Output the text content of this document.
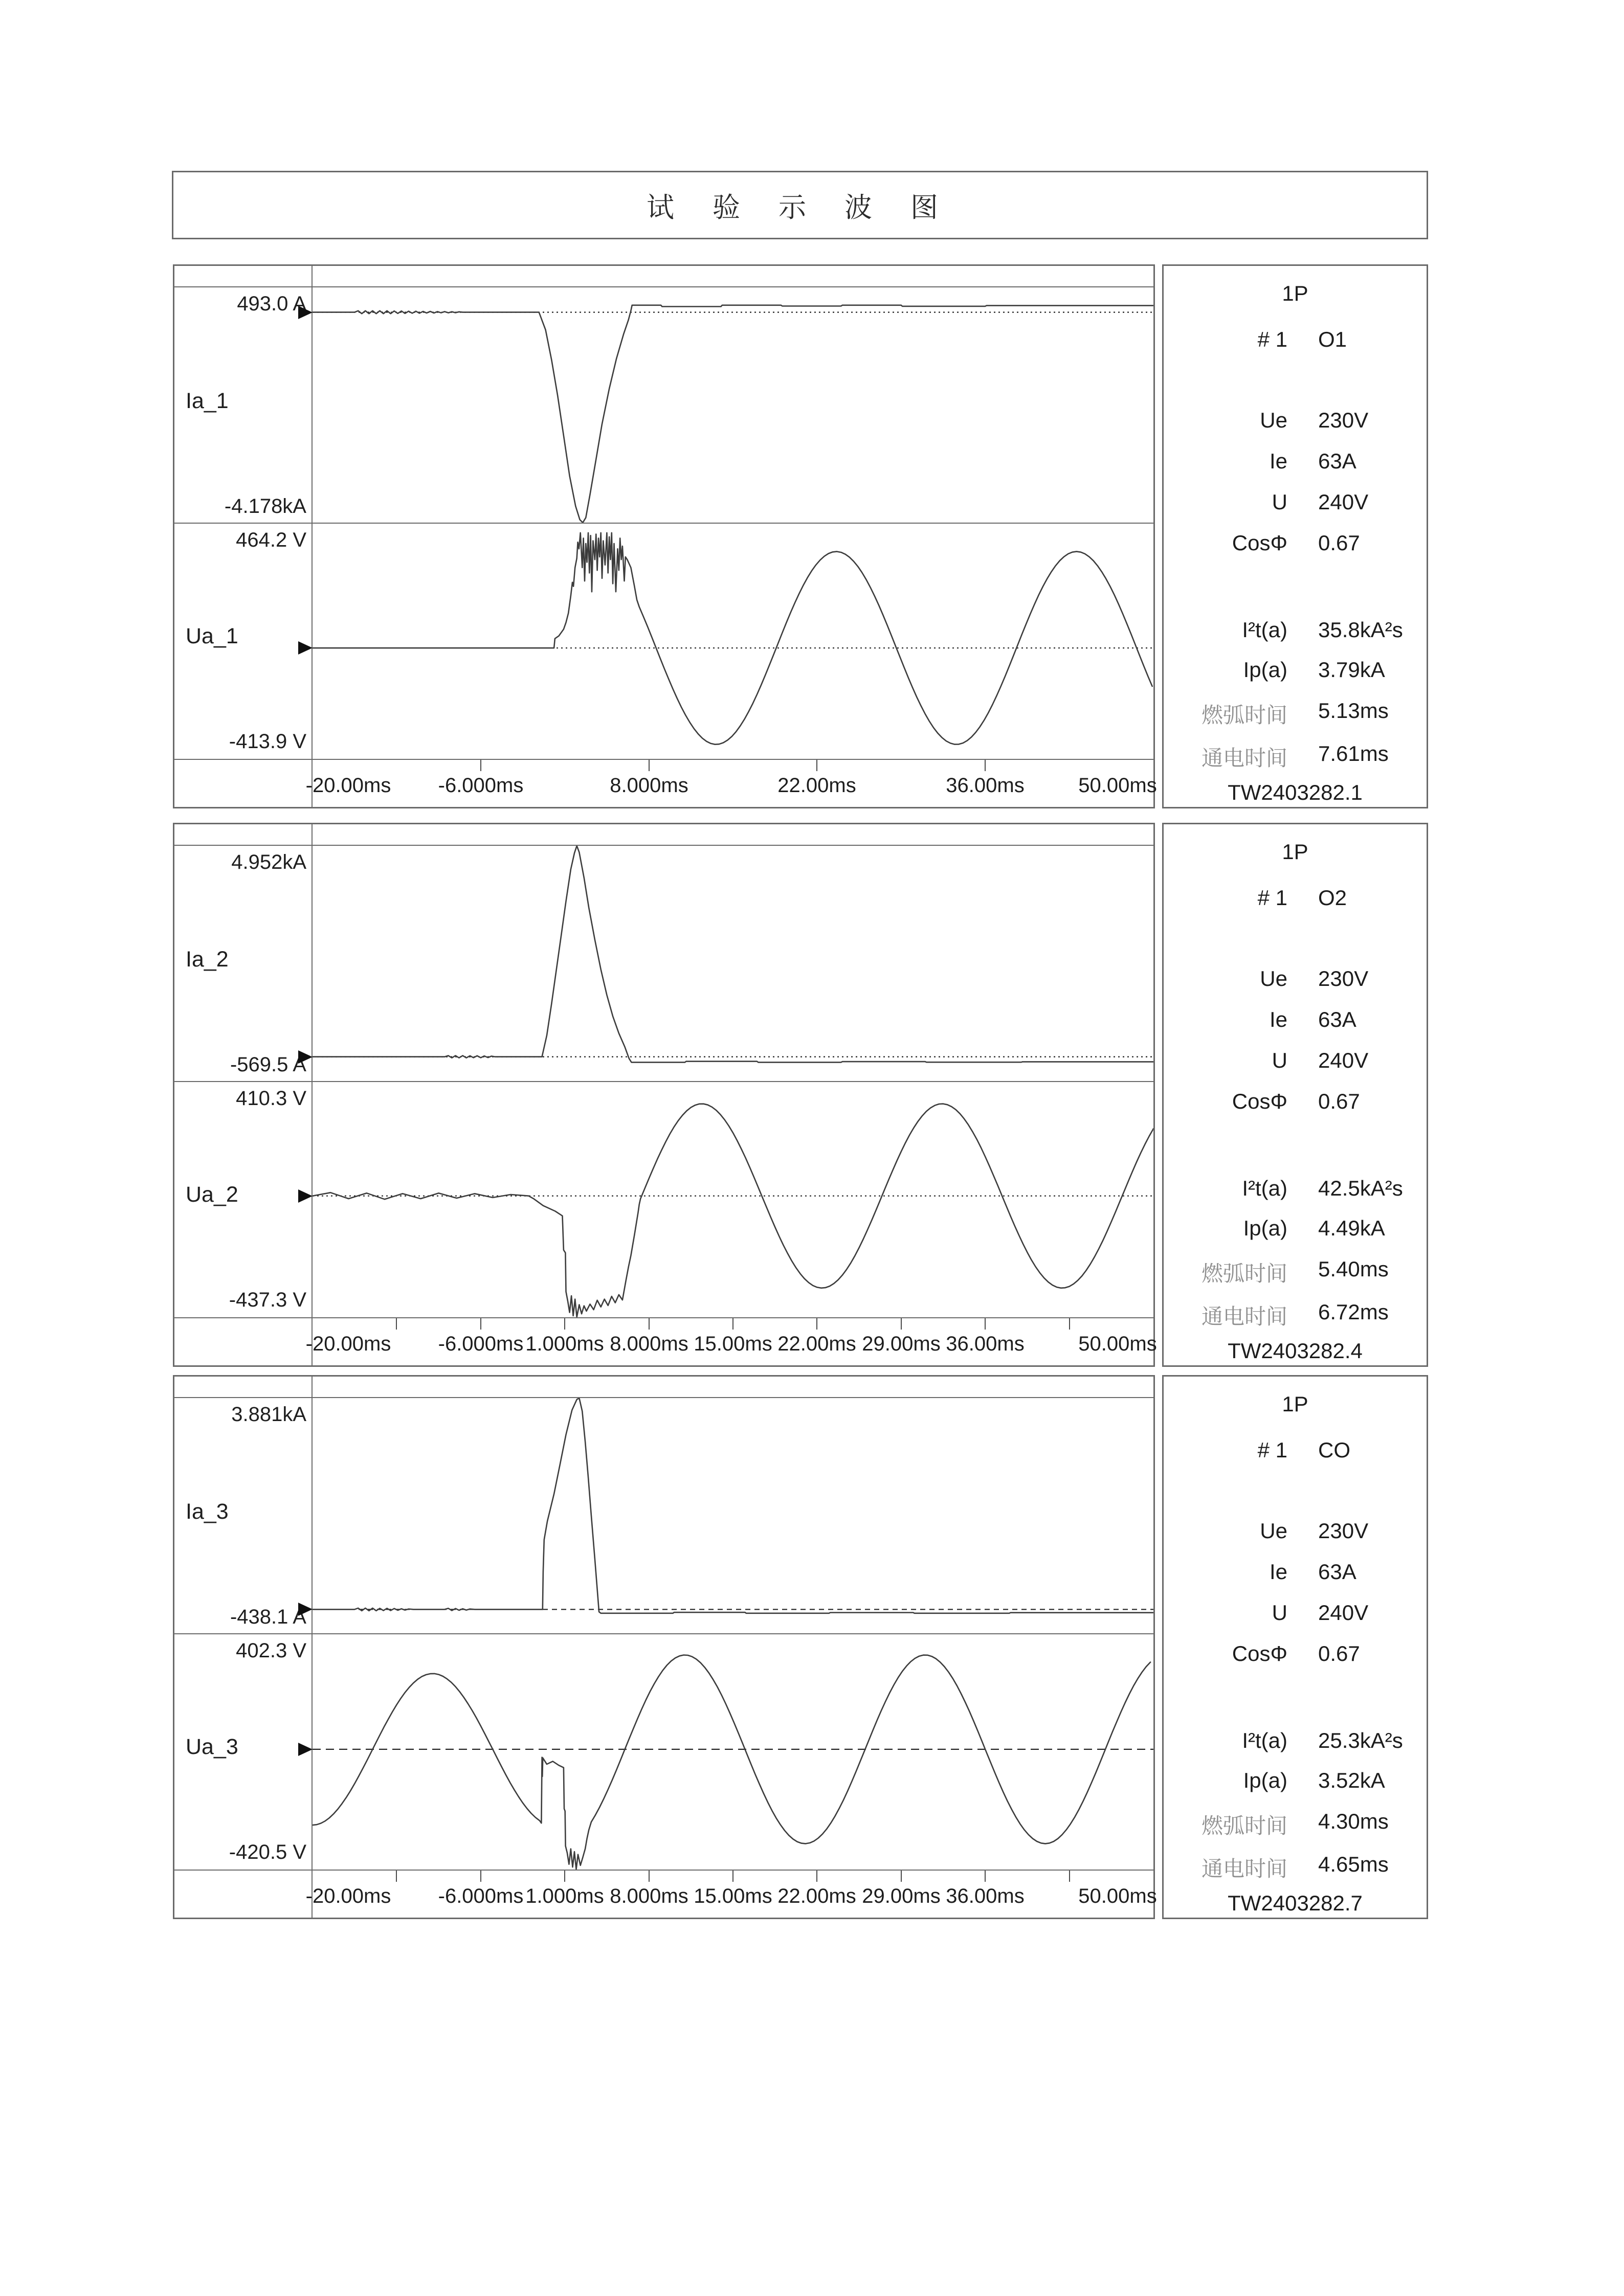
试 验 示 波 图
493.0 A
-4.178kA
464.2 V
-413.9 V
Ia_1
Ua_1
-20.00ms	-6.000ms	8.000ms	22.00ms	36.00ms	50.00ms
1P
# 1 O1
Ue 230V
Ie 63A
U 240V
CosΦ 0.67
I²t(a) 35.8kA²s
Ip(a) 3.79kA
燃弧时间 5.13ms
通电时间 7.61ms
TW2403282.1
4.952kA
-569.5 A
410.3 V
-437.3 V
Ia_2
Ua_2
-20.00ms	-6.000ms 1.000ms 8.000ms 15.00ms 22.00ms 29.00ms 36.00ms	50.00ms
1P
# 1 O2
Ue 230V
Ie 63A
U 240V
CosΦ 0.67
I²t(a) 42.5kA²s
Ip(a) 4.49kA
燃弧时间 5.40ms
通电时间 6.72ms
TW2403282.4
3.881kA
-438.1 A
402.3 V
-420.5 V
Ia_3
Ua_3
-20.00ms	-6.000ms 1.000ms 8.000ms 15.00ms 22.00ms 29.00ms 36.00ms	50.00ms
1P
# 1 CO
Ue 230V
Ie 63A
U 240V
CosΦ 0.67
I²t(a) 25.3kA²s
Ip(a) 3.52kA
燃弧时间 4.30ms
通电时间 4.65ms
TW2403282.7
